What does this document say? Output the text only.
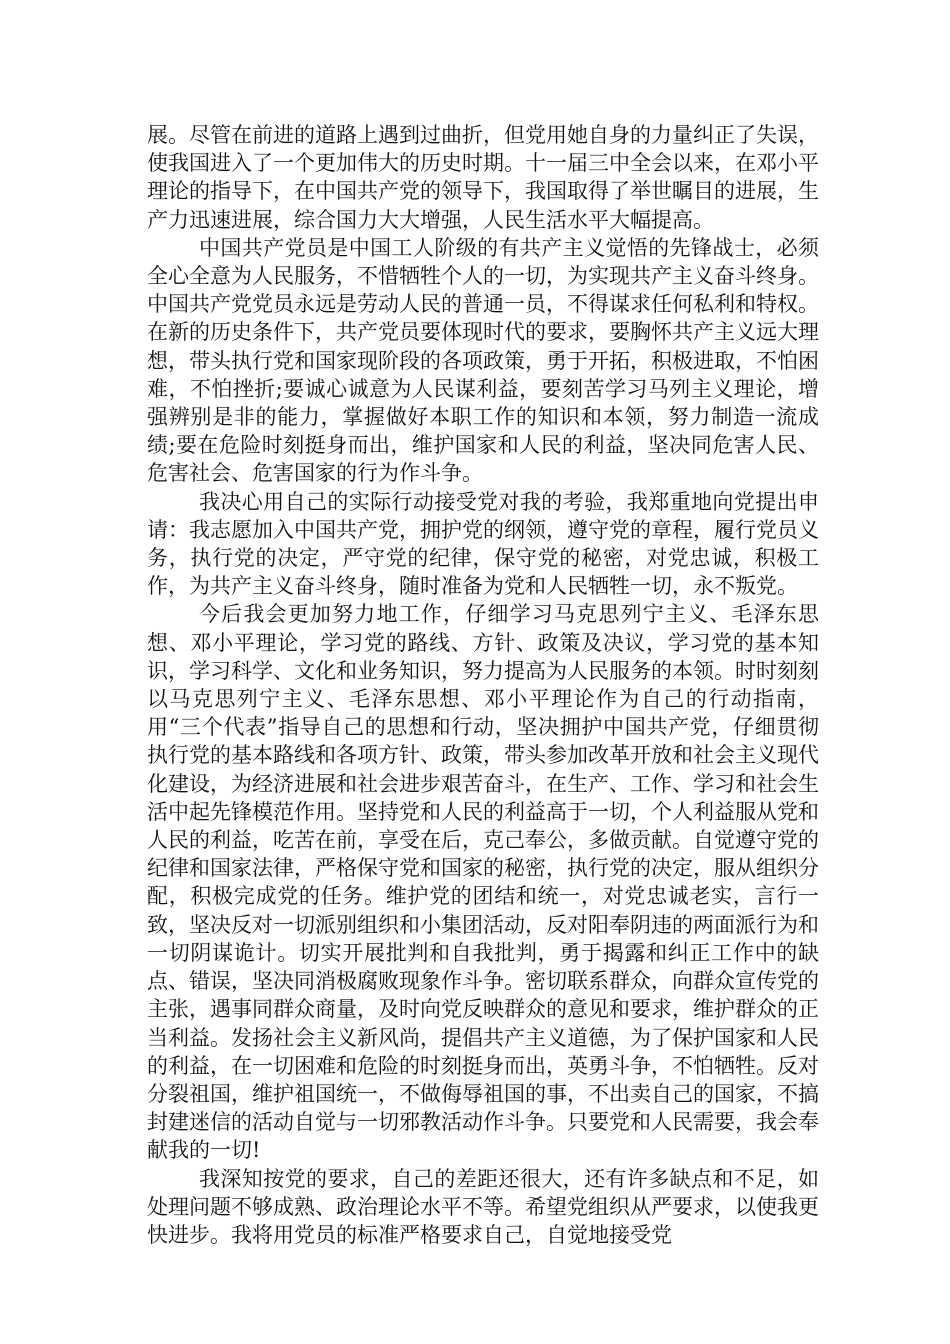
展。尽管在前进的道路上遇到过曲折，但党用她自身的力量纠正了失误，使我国进入了一个更加伟大的历史时期。十一届三中全会以来，在邓小平理论的指导下，在中国共产党的领导下，我国取得了举世瞩目的进展，生产力迅速进展，综合国力大大增强，人民生活水平大幅提高。

中国共产党员是中国工人阶级的有共产主义觉悟的先锋战士，必须全心全意为人民服务，不惜牺牲个人的一切，为实现共产主义奋斗终身。中国共产党党员永远是劳动人民的普通一员，不得谋求任何私利和特权。在新的历史条件下，共产党员要体现时代的要求，要胸怀共产主义远大理想，带头执行党和国家现阶段的各项政策，勇于开拓，积极进取，不怕困难，不怕挫折;要诚心诚意为人民谋利益，要刻苦学习马列主义理论，增强辨别是非的能力，掌握做好本职工作的知识和本领，努力制造一流成绩;要在危险时刻挺身而出，维护国家和人民的利益，坚决同危害人民、危害社会、危害国家的行为作斗争。

我决心用自己的实际行动接受党对我的考验，我郑重地向党提出申请：我志愿加入中国共产党，拥护党的纲领，遵守党的章程，履行党员义务，执行党的决定，严守党的纪律，保守党的秘密，对党忠诚，积极工作，为共产主义奋斗终身，随时准备为党和人民牺牲一切，永不叛党。

今后我会更加努力地工作，仔细学习马克思列宁主义、毛泽东思想、邓小平理论，学习党的路线、方针、政策及决议，学习党的基本知识，学习科学、文化和业务知识，努力提高为人民服务的本领。时时刻刻以马克思列宁主义、毛泽东思想、邓小平理论作为自己的行动指南，用“三个代表”指导自己的思想和行动，坚决拥护中国共产党，仔细贯彻执行党的基本路线和各项方针、政策，带头参加改革开放和社会主义现代化建设，为经济进展和社会进步艰苦奋斗，在生产、工作、学习和社会生活中起先锋模范作用。坚持党和人民的利益高于一切，个人利益服从党和人民的利益，吃苦在前，享受在后，克己奉公，多做贡献。自觉遵守党的纪律和国家法律，严格保守党和国家的秘密，执行党的决定，服从组织分配，积极完成党的任务。维护党的团结和统一，对党忠诚老实，言行一致，坚决反对一切派别组织和小集团活动，反对阳奉阴违的两面派行为和一切阴谋诡计。切实开展批判和自我批判，勇于揭露和纠正工作中的缺点、错误，坚决同消极腐败现象作斗争。密切联系群众，向群众宣传党的主张，遇事同群众商量，及时向党反映群众的意见和要求，维护群众的正当利益。发扬社会主义新风尚，提倡共产主义道德，为了保护国家和人民的利益，在一切困难和危险的时刻挺身而出，英勇斗争，不怕牺牲。反对分裂祖国，维护祖国统一，不做侮辱祖国的事，不出卖自己的国家，不搞封建迷信的活动自觉与一切邪教活动作斗争。只要党和人民需要，我会奉献我的一切!

我深知按党的要求，自己的差距还很大，还有许多缺点和不足，如处理问题不够成熟、政治理论水平不等。希望党组织从严要求，以使我更快进步。我将用党员的标准严格要求自己，自觉地接受党
